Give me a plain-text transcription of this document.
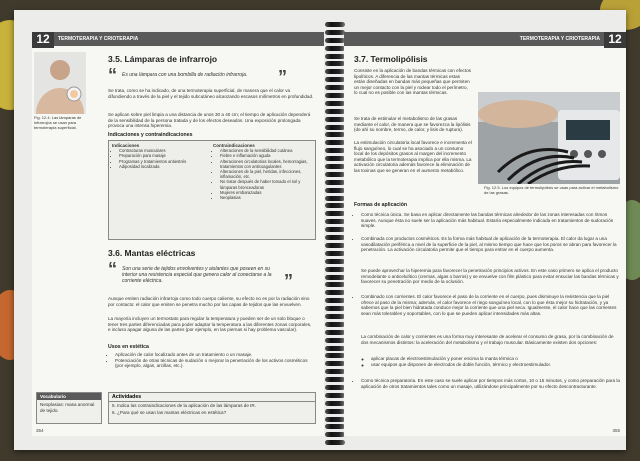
12	TERMOTERAPIA Y CRIOTERAPIA
Fig. 12.4. Las lámparas de infrarrojos se usan para termoterapia superficial.
3.5. Lámparas de infrarrojo
“ Es una lámpara con una bombilla de radiación infrarroja.	”
Se trata, como se ha indicado, de una termoterapia superficial, de manera que el calor va difundiendo a través de la piel y el tejido subcutáneo alcanzando escasos milímetros en profundidad.
Se aplican sobre piel limpia a una distancia de unos 30 a 40 cm; el tiempo de aplicación dependerá de la sensibilidad de la persona tratada y de los efectos deseados. Una exposición prolongada provoca una intensa hiperemia.
Indicaciones y contraindicaciones
Indicaciones
• Contracturas musculares
• Preparación para masaje
• Programas y tratamientos antiestrés
• Adiposidad localizada
Contraindicaciones
• Alteraciones de la sensibilidad cutánea
• Fiebre e inflamación aguda
• Alteraciones circulatorias locales, hemorragias, tratamientos con anticoagulantes
• Alteraciones de la piel, heridas, infecciones, inflamación, etc.
• No tratar después de haber tomado el sol y lámparas bronceadoras
• Mujeres embarazadas
• Neoplasias
3.6. Mantas eléctricas
“ Son una serie de tejidos envolventes y aislantes que poseen en su interior una resistencia especial que genera calor al conectarse a la corriente eléctrica.	”
Aunque emiten radiación infrarroja como todo cuerpo caliente, su efecto no es por la radiación sino por contacto: el calor que emiten se penetra mucho por las capas de tejidos que las envuelven.
La mayoría incluyen un termostato para regular la temperatura y pueden ser de un solo bloque o tener tres partes diferenciadas para poder adaptar la temperatura a las diferentes zonas corporales, e incluso apagar alguna de las partes (por ejemplo, en las piernas si hay problema vascular).
Usos en estética
• Aplicación de calor localizado antes de un tratamiento o un masaje.
• Potenciación de otras técnicas de sudación o mejorar la penetración de los activos cosméticos (por ejemplo, algas, arcillas, etc.).
Vocabulario
Neoplasias: masa anormal de tejido.
Actividades
5. Indica las contraindicaciones de la aplicación de las lámparas de IR.
6. ¿Para qué se usan las mantas eléctricas en estética?
354
TERMOTERAPIA Y CRIOTERAPIA 12
3.7. Termolipólisis
Consiste en la aplicación de bandas térmicas con efectos lipolíticos. A diferencia de las mantas térmicas estas están diseñadas en bandas más pequeñas que permiten un mejor contacto con la piel y rodear todo el perímetro, lo cual no es posible con las mantas térmicas.
Se trata de estimular el metabolismo de las grasas mediante el calor, de manera que se favorezca la lipólisis (de ahí su nombre, termo, de calor, y lisis de ruptura).
La estimulación circulatoria local favorece e incrementa el flujo sanguíneo, lo cual se ha asociado a un consumo local de los depósitos grasos al margen del incremento metabólico que la termoterapia implica por ella misma. La activación circulatoria además favorece la eliminación de las toxinas que se generan en el aumento metabólico.
Fig. 12.5. Los equipos de termolipólisis se usan para activar el metabolismo de las grasas.
Formas de aplicación
• Como técnica única. Se basa en aplicar directamente las bandas térmicas alrededor de las zonas interesadas con ritmos suaves. Aunque ésta no suele ser la aplicación más habitual. Estaría especialmente indicada en tratamientos de sudoración simple.
• Combinada con productos cosméticos. Es la forma más habitual de aplicación de la termoterapia. El calor da lugar a una vasodilatación periférica a nivel de la superficie de la piel, al mismo tiempo que hace que los poros se abran para favorecer la penetración. La activación circulatoria permite que el tiempo para entrar en el cuerpo aumenta.
Se puede aprovechar la hiperemia para favorecer la penetración principios activos. En este caso primero se aplica el producto remodelante o anticelulítico (cremas, algas o barros) y se envuelve con film plástico para evitar ensuciar las bandas térmicas y favorecer su penetración por medio de la oclusión.
• Combinado con corrientes. El calor favorece el paso de la corriente en el cuerpo, pues disminuye la resistencia que la piel ofrece al paso de la misma; además, el calor favorece el riego sanguíneo local, con lo que ésta mejor su hidratación, y ya sabemos que la piel bien hidratada conduce mejor la corriente que una piel seca. Igualmente, el calor hace que las corrientes sean más tolerables y soportables, con lo que se pueden aplicar intensidades más altas.
La combinación de calor y corrientes es una forma muy interesante de acelerar el consumo de grasa, por la combinación de dos mecanismos distintos: la aceleración del metabolismo y el trabajo muscular. Básicamente existen dos opciones:
◦ aplicar placas de electroestimulación y poner encima la manta térmica o
◦ usar equipos que disponen de electrodos de doble función, térmico y electroestimulador.
• Como técnica preparatoria. En este caso se suele aplicar por tiempos más cortos, 10 o 15 minutos, y como preparación para la aplicación de otros tratamientos tales como un masaje, utilizándose principalmente por su efecto descontracturante.
355
